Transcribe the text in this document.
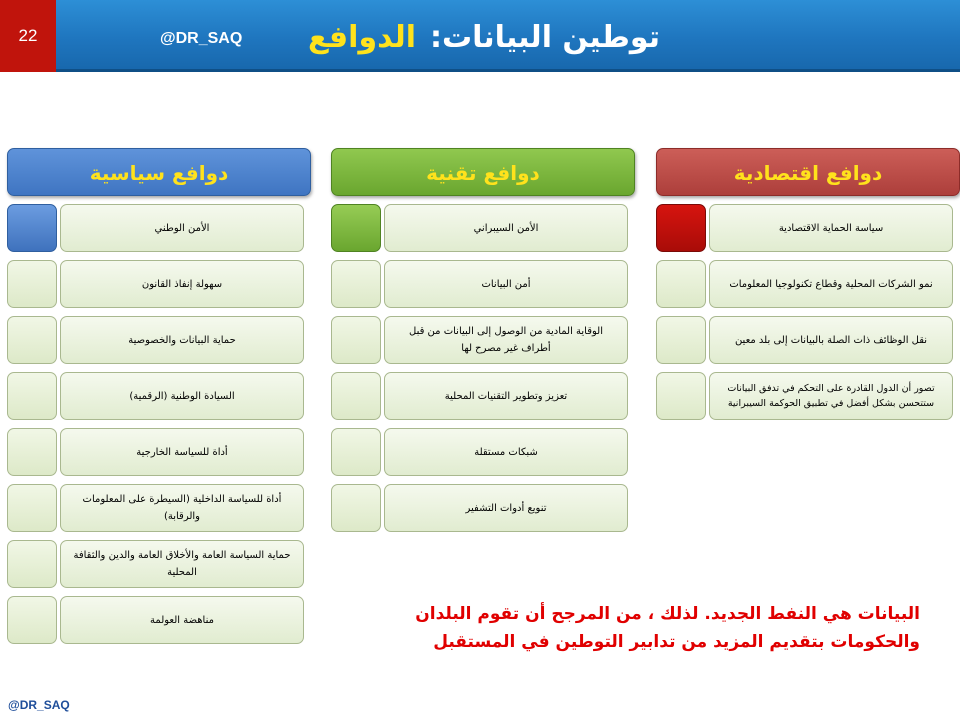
22	@DR_SAQ	توطين البيانات:الدوافع
دوافع سياسية
الأمن الوطني
سهولة إنفاذ القانون
حماية البيانات والخصوصية
السيادة الوطنية (الرقمية)
أداة للسياسة الخارجية
أداة للسياسة الداخلية (السيطرة على المعلومات والرقابة)
حماية السياسة العامة والأخلاق العامة والدين والثقافة المحلية
مناهضة العولمة
دوافع تقنية
الأمن السيبراني
أمن البيانات
الوقاية المادية من الوصول إلى البيانات من قبل أطراف غير مصرح لها
تعزيز وتطوير التقنيات المحلية
شبكات مستقلة
تنويع أدوات التشفير
دوافع اقتصادية
سياسة الحماية الاقتصادية
نمو الشركات المحلية وقطاع تكنولوجيا المعلومات
نقل الوظائف ذات الصلة بالبيانات إلى بلد معين
تصور أن الدول القادرة على التحكم في تدفق البيانات ستتحسن بشكل أفضل في تطبيق الحوكمة السيبرانية
البيانات هي النفط الجديد. لذلك ، من المرجح أن تقوم البلدان
والحكومات بتقديم المزيد من تدابير التوطين في المستقبل
@DR_SAQ
